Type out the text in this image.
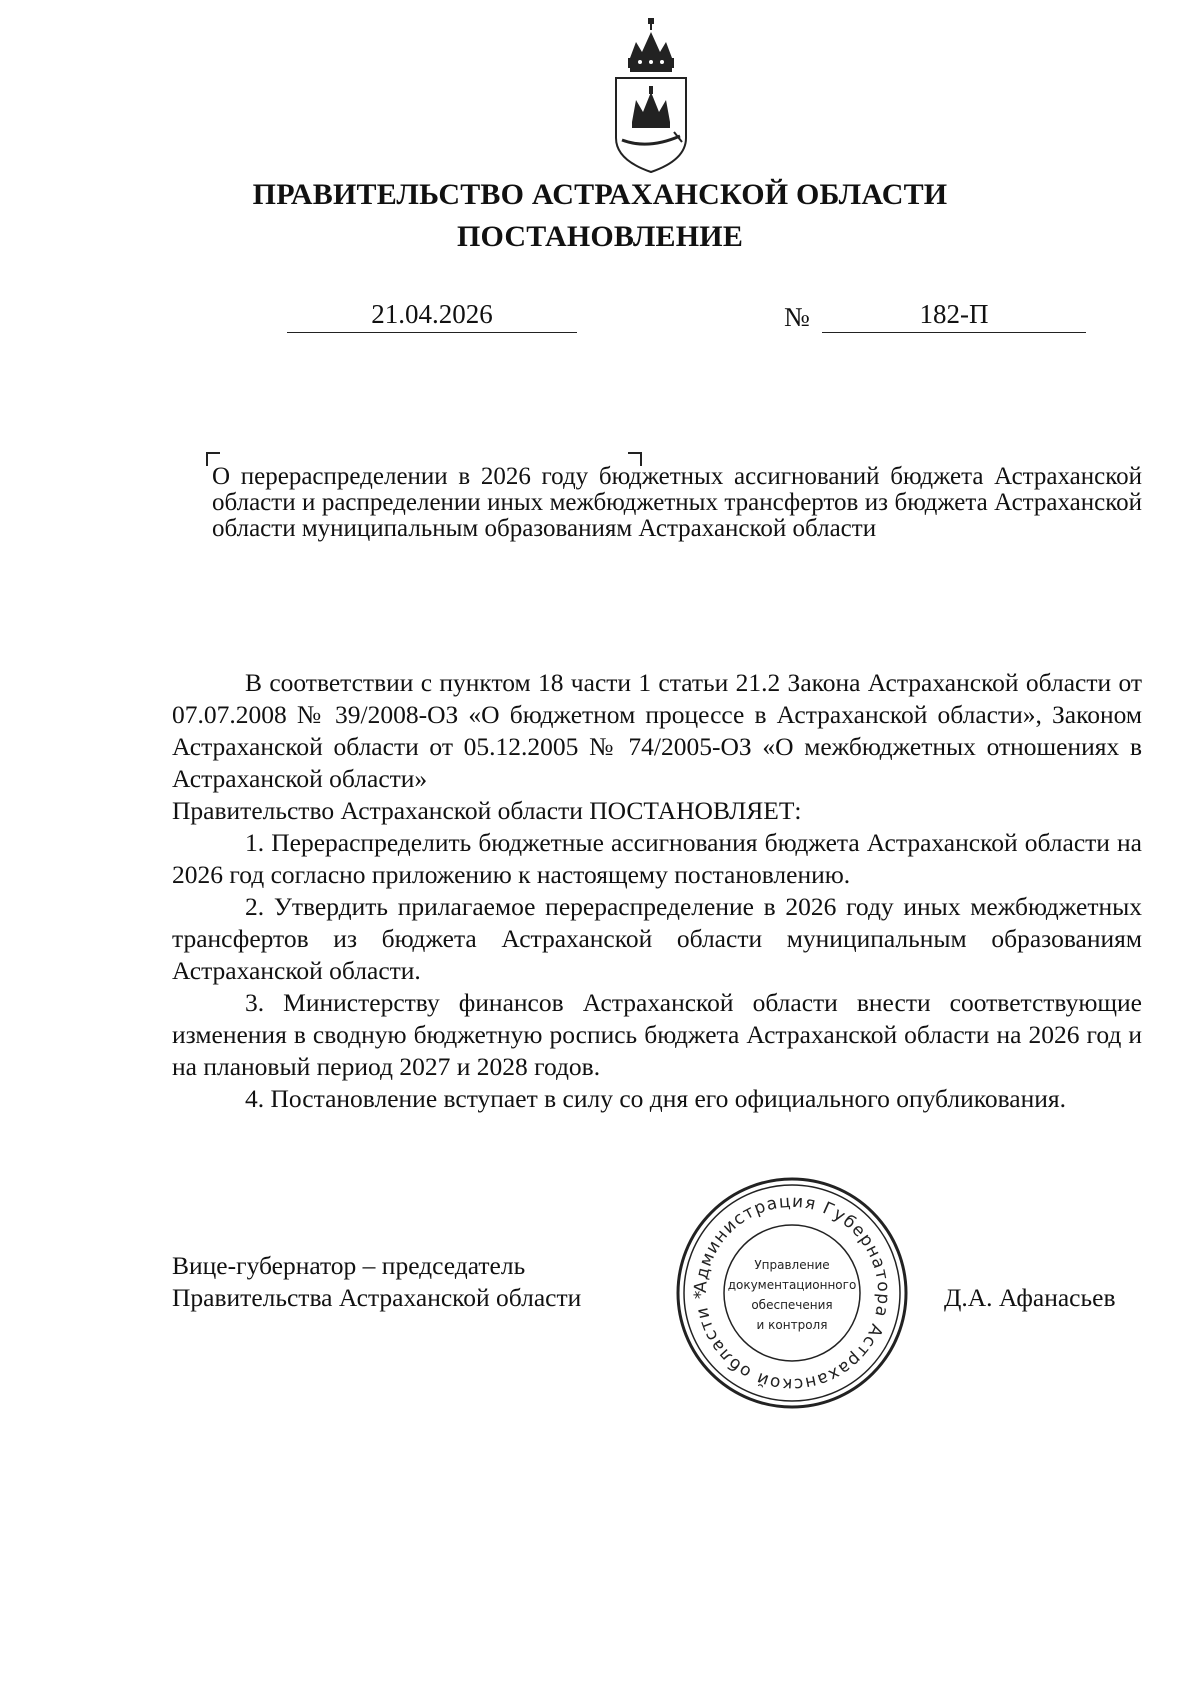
ПРАВИТЕЛЬСТВО АСТРАХАНСКОЙ ОБЛАСТИ
ПОСТАНОВЛЕНИЕ
21.04.2026	№	182-П
О перераспределении в 2026 году бюджетных ассигнований бюджета Астраханской области и распределении иных межбюджетных трансфертов из бюджета Астраханской области муниципальным образованиям Астраханской области

В соответствии с пунктом 18 части 1 статьи 21.2 Закона Астраханской области от 07.07.2008 № 39/2008-ОЗ «О бюджетном процессе в Астраханской области», Законом Астраханской области от 05.12.2005 № 74/2005-ОЗ «О межбюджетных отношениях в Астраханской области»

Правительство Астраханской области ПОСТАНОВЛЯЕТ:

1. Перераспределить бюджетные ассигнования бюджета Астраханской области на 2026 год согласно приложению к настоящему постановлению.

2. Утвердить прилагаемое перераспределение в 2026 году иных межбюджетных трансфертов из бюджета Астраханской области муниципальным образованиям Астраханской области.

3. Министерству финансов Астраханской области внести соответствующие изменения в сводную бюджетную роспись бюджета Астраханской области на 2026 год и на плановый период 2027 и 2028 годов.

4. Постановление вступает в силу со дня его официального опубликования.

Вице-губернатор – председатель
Правительства Астраханской области	Администрация Губернатора Астраханской области *
Управление
документационного
обеспечения
и контроля
Д.А. Афанасьев
